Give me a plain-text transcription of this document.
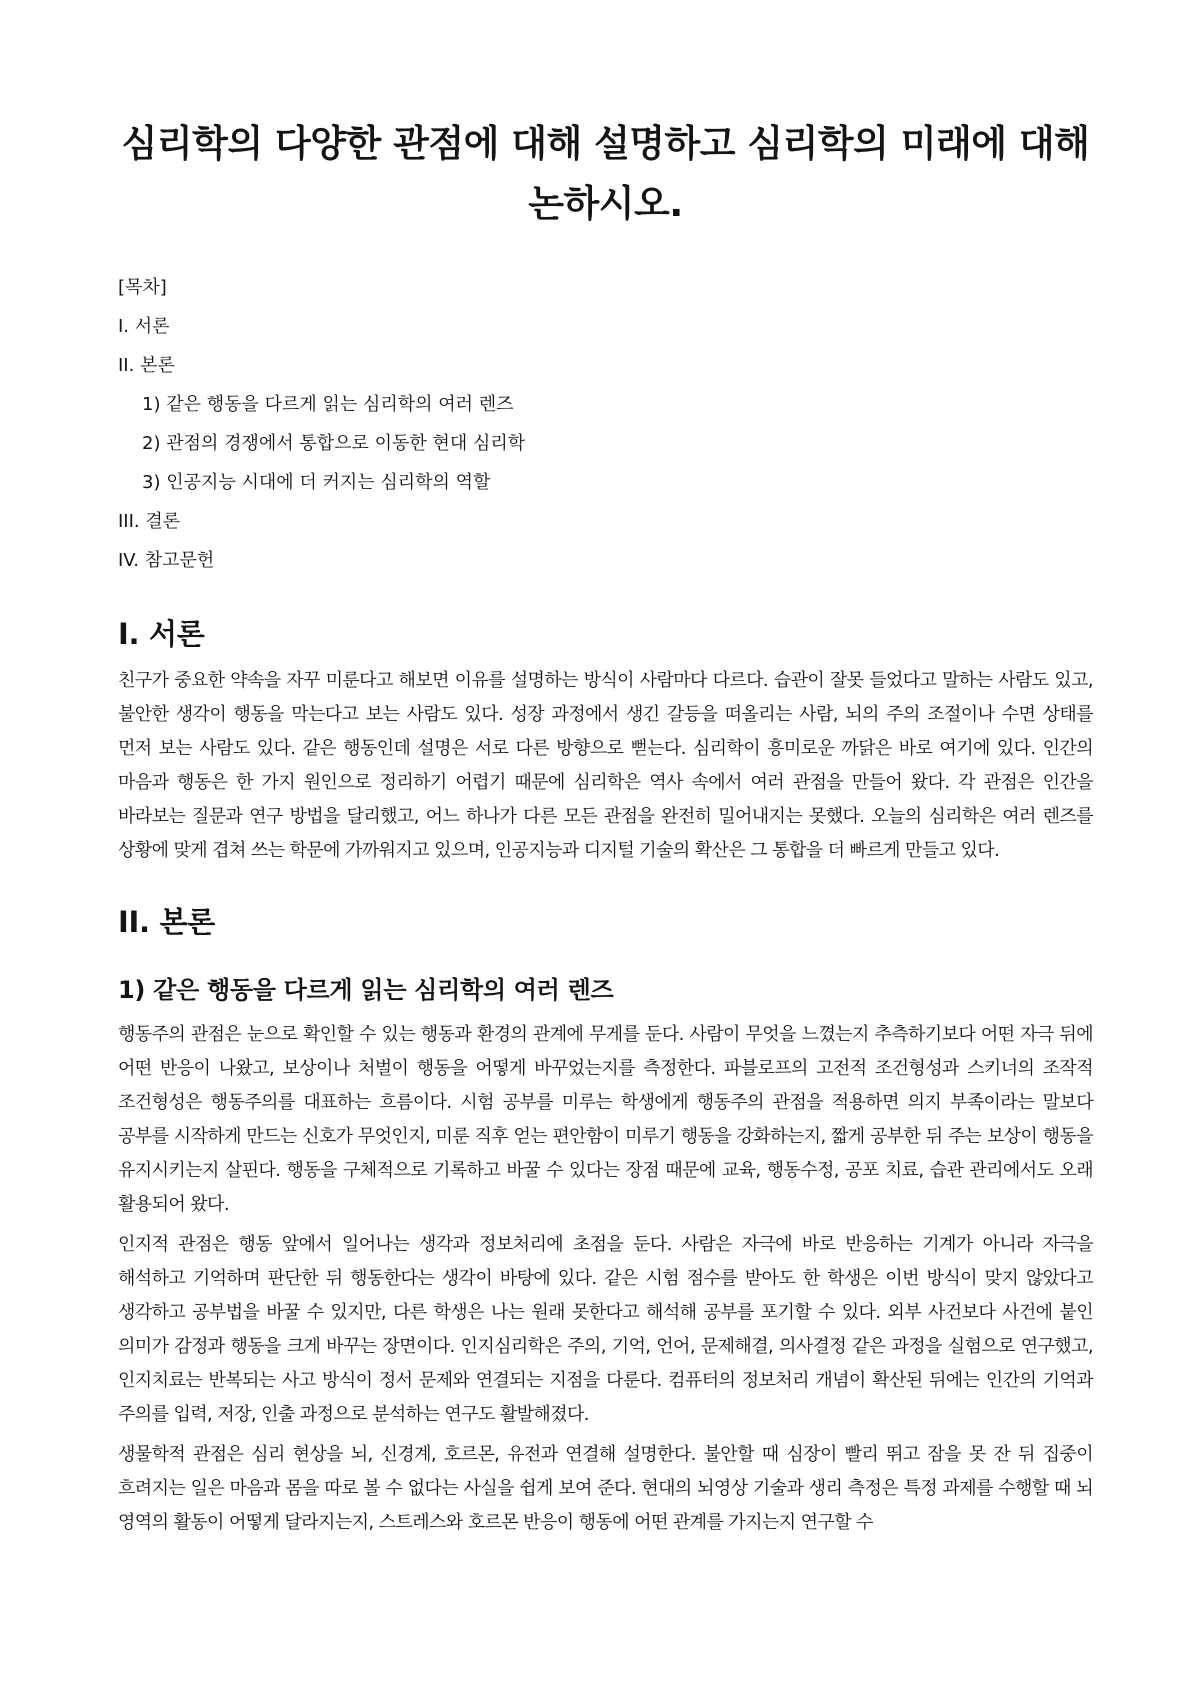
심리학의 다양한 관점에 대해 설명하고 심리학의 미래에 대해 논하시오.
[목차]
I. 서론
II. 본론
1) 같은 행동을 다르게 읽는 심리학의 여러 렌즈
2) 관점의 경쟁에서 통합으로 이동한 현대 심리학
3) 인공지능 시대에 더 커지는 심리학의 역할
III. 결론
IV. 참고문헌
I. 서론

친구가 중요한 약속을 자꾸 미룬다고 해보면 이유를 설명하는 방식이 사람마다 다르다. 습관이 잘못 들었다고 말하는 사람도 있고, 불안한 생각이 행동을 막는다고 보는 사람도 있다. 성장 과정에서 생긴 갈등을 떠올리는 사람, 뇌의 주의 조절이나 수면 상태를 먼저 보는 사람도 있다. 같은 행동인데 설명은 서로 다른 방향으로 뻗는다. 심리학이 흥미로운 까닭은 바로 여기에 있다. 인간의 마음과 행동은 한 가지 원인으로 정리하기 어렵기 때문에 심리학은 역사 속에서 여러 관점을 만들어 왔다. 각 관점은 인간을 바라보는 질문과 연구 방법을 달리했고, 어느 하나가 다른 모든 관점을 완전히 밀어내지는 못했다. 오늘의 심리학은 여러 렌즈를 상황에 맞게 겹쳐 쓰는 학문에 가까워지고 있으며, 인공지능과 디지털 기술의 확산은 그 통합을 더 빠르게 만들고 있다.

II. 본론
1) 같은 행동을 다르게 읽는 심리학의 여러 렌즈

행동주의 관점은 눈으로 확인할 수 있는 행동과 환경의 관계에 무게를 둔다. 사람이 무엇을 느꼈는지 추측하기보다 어떤 자극 뒤에 어떤 반응이 나왔고, 보상이나 처벌이 행동을 어떻게 바꾸었는지를 측정한다. 파블로프의 고전적 조건형성과 스키너의 조작적 조건형성은 행동주의를 대표하는 흐름이다. 시험 공부를 미루는 학생에게 행동주의 관점을 적용하면 의지 부족이라는 말보다 공부를 시작하게 만드는 신호가 무엇인지, 미룬 직후 얻는 편안함이 미루기 행동을 강화하는지, 짧게 공부한 뒤 주는 보상이 행동을 유지시키는지 살핀다. 행동을 구체적으로 기록하고 바꿀 수 있다는 장점 때문에 교육, 행동수정, 공포 치료, 습관 관리에서도 오래 활용되어 왔다.

인지적 관점은 행동 앞에서 일어나는 생각과 정보처리에 초점을 둔다. 사람은 자극에 바로 반응하는 기계가 아니라 자극을 해석하고 기억하며 판단한 뒤 행동한다는 생각이 바탕에 있다. 같은 시험 점수를 받아도 한 학생은 이번 방식이 맞지 않았다고 생각하고 공부법을 바꿀 수 있지만, 다른 학생은 나는 원래 못한다고 해석해 공부를 포기할 수 있다. 외부 사건보다 사건에 붙인 의미가 감정과 행동을 크게 바꾸는 장면이다. 인지심리학은 주의, 기억, 언어, 문제해결, 의사결정 같은 과정을 실험으로 연구했고, 인지치료는 반복되는 사고 방식이 정서 문제와 연결되는 지점을 다룬다. 컴퓨터의 정보처리 개념이 확산된 뒤에는 인간의 기억과 주의를 입력, 저장, 인출 과정으로 분석하는 연구도 활발해졌다.

생물학적 관점은 심리 현상을 뇌, 신경계, 호르몬, 유전과 연결해 설명한다. 불안할 때 심장이 빨리 뛰고 잠을 못 잔 뒤 집중이 흐려지는 일은 마음과 몸을 따로 볼 수 없다는 사실을 쉽게 보여 준다. 현대의 뇌영상 기술과 생리 측정은 특정 과제를 수행할 때 뇌 영역의 활동이 어떻게 달라지는지, 스트레스와 호르몬 반응이 행동에 어떤 관계를 가지는지 연구할 수
